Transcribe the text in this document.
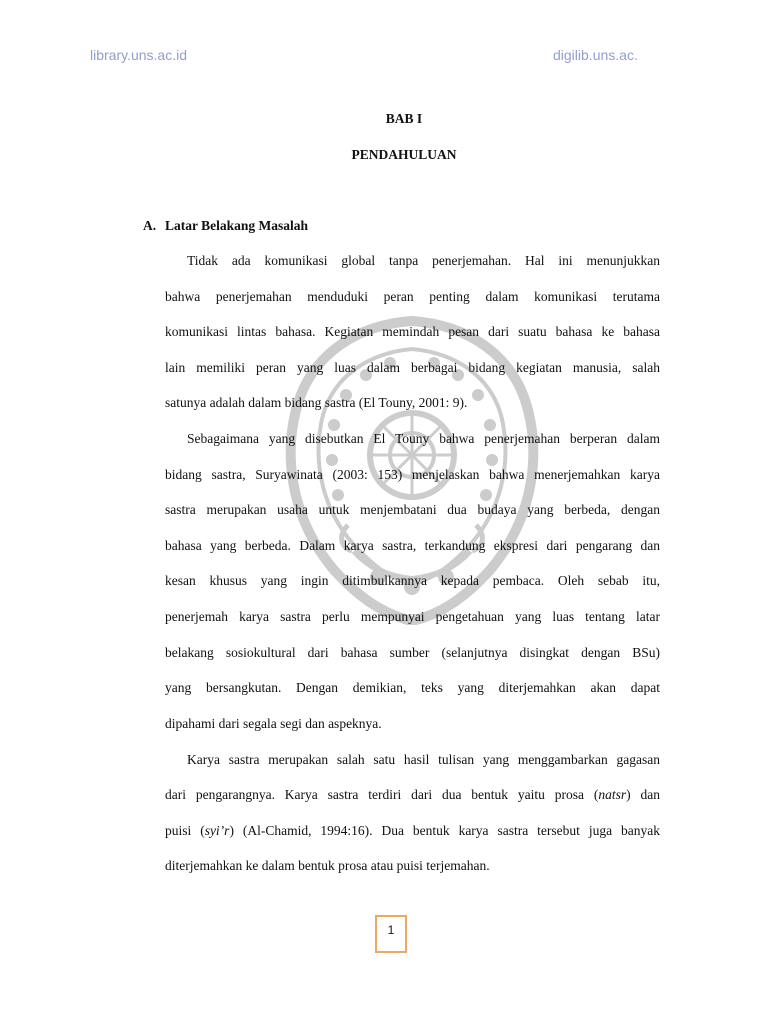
library.uns.ac.id	digilib.uns.ac.
BAB I
PENDAHULUAN
A. Latar Belakang Masalah
Tidak ada komunikasi global tanpa penerjemahan. Hal ini menunjukkan
bahwa penerjemahan menduduki peran penting dalam komunikasi terutama
komunikasi lintas bahasa. Kegiatan memindah pesan dari suatu bahasa ke bahasa
lain memiliki peran yang luas dalam berbagai bidang kegiatan manusia, salah
satunya adalah dalam bidang sastra (El Touny, 2001: 9).
Sebagaimana yang disebutkan El Touny bahwa penerjemahan berperan dalam
bidang sastra, Suryawinata (2003: 153) menjelaskan bahwa menerjemahkan karya
sastra merupakan usaha untuk menjembatani dua budaya yang berbeda, dengan
bahasa yang berbeda. Dalam karya sastra, terkandung ekspresi dari pengarang dan
kesan khusus yang ingin ditimbulkannya kepada pembaca. Oleh sebab itu,
penerjemah karya sastra perlu mempunyai pengetahuan yang luas tentang latar
belakang sosiokultural dari bahasa sumber (selanjutnya disingkat dengan BSu)
yang bersangkutan. Dengan demikian, teks yang diterjemahkan akan dapat
dipahami dari segala segi dan aspeknya.
Karya sastra merupakan salah satu hasil tulisan yang menggambarkan gagasan
dari pengarangnya. Karya sastra terdiri dari dua bentuk yaitu prosa (natsr) dan
puisi (syi’r) (Al-Chamid, 1994:16). Dua bentuk karya sastra tersebut juga banyak
diterjemahkan ke dalam bentuk prosa atau puisi terjemahan.
1
